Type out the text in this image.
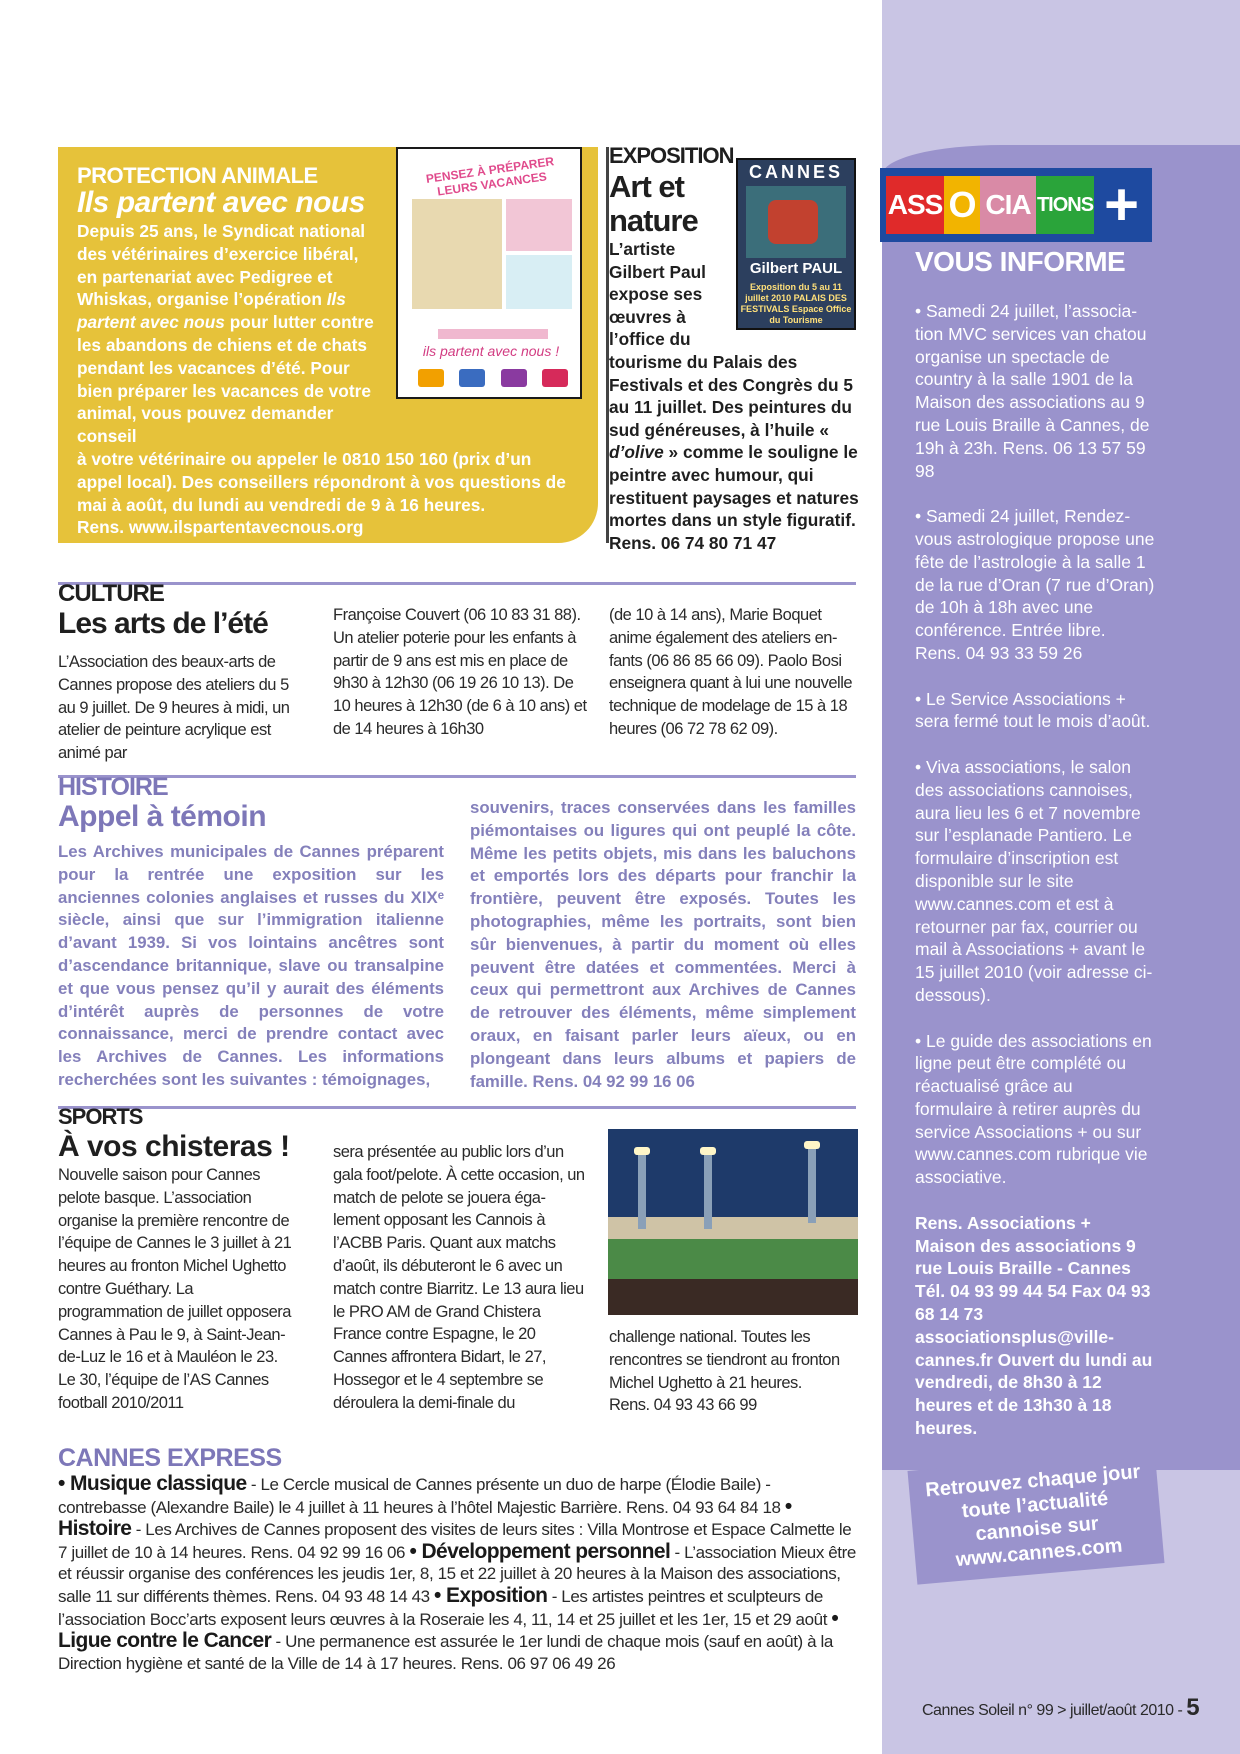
PROTECTION ANIMALE
Ils partent avec nous
Depuis 25 ans, le Syndicat national des vétérinaires d’exercice libéral, en partenariat avec Pedigree et Whiskas, organise l’opération Ils partent avec nous pour lutter contre les abandons de chiens et de chats pendant les vacances d’été. Pour bien préparer les vacances de votre animal, vous pouvez demander conseil
à votre vétérinaire ou appeler le 0810 150 160 (prix d’un appel local). Des conseillers répondront à vos questions de mai à août, du lundi au vendredi de 9 à 16 heures.
Rens. www.ilspartentavecnous.org
PENSEZ À PRÉPARER LEURS VACANCES
ils partent avec nous !
EXPOSITION
Art et nature
L’artiste Gilbert Paul expose ses œuvres à l’office du
tourisme du Palais des Festivals et des Congrès du 5 au 11 juillet. Des peintures du sud généreuses, à l’huile « d’olive » comme le souligne le peintre avec humour, qui restituent paysages et natures mortes dans un style figuratif.
Rens. 06 74 80 71 47
CANNES
Gilbert PAUL
Exposition du 5 au 11 juillet 2010 PALAIS DES FESTIVALS Espace Office du Tourisme
CULTURE
Les arts de l’été
L’Association des beaux-arts de Cannes propose des ateliers du 5 au 9 juillet. De 9 heures à midi, un atelier de peinture acrylique est animé par
Françoise Couvert (06 10 83 31 88). Un atelier poterie pour les enfants à partir de 9 ans est mis en place de 9h30 à 12h30 (06 19 26 10 13). De 10 heures à 12h30 (de 6 à 10 ans) et de 14 heures à 16h30
(de 10 à 14 ans), Marie Boquet anime également des ateliers en-fants (06 86 85 66 09). Paolo Bosi enseignera quant à lui une nouvelle technique de modelage de 15 à 18 heures (06 72 78 62 09).
HISTOIRE
Appel à témoin
Les Archives municipales de Cannes préparent pour la rentrée une exposition sur les anciennes colonies anglaises et russes du XIXᵉ siècle, ainsi que sur l’immigration italienne d’avant 1939. Si vos lointains ancêtres sont d’ascendance britannique, slave ou transalpine et que vous pensez qu’il y aurait des éléments d’intérêt auprès de personnes de votre connaissance, merci de prendre contact avec les Archives de Cannes. Les informations recherchées sont les suivantes : témoignages,
souvenirs, traces conservées dans les familles piémontaises ou ligures qui ont peuplé la côte. Même les petits objets, mis dans les baluchons et emportés lors des départs pour franchir la frontière, peuvent être exposés. Toutes les photographies, même les portraits, sont bien sûr bienvenues, à partir du moment où elles peuvent être datées et commentées. Merci à ceux qui permettront aux Archives de Cannes de retrouver des éléments, même simplement oraux, en faisant parler leurs aïeux, ou en plongeant dans leurs albums et papiers de famille. Rens. 04 92 99 16 06
SPORTS
À vos chisteras !
Nouvelle saison pour Cannes pelote basque. L’association organise la première rencontre de l’équipe de Cannes le 3 juillet à 21 heures au fronton Michel Ughetto contre Guéthary. La programmation de juillet opposera Cannes à Pau le 9, à Saint-Jean-de-Luz le 16 et à Mauléon le 23. Le 30, l’équipe de l’AS Cannes football 2010/2011
sera présentée au public lors d’un gala foot/pelote. À cette occasion, un match de pelote se jouera éga-lement opposant les Cannois à l’ACBB Paris. Quant aux matchs d’août, ils débuteront le 6 avec un match contre Biarritz. Le 13 aura lieu le PRO AM de Grand Chistera France contre Espagne, le 20 Cannes affrontera Bidart, le 27, Hossegor et le 4 septembre se déroulera la demi-finale du
challenge national. Toutes les rencontres se tiendront au fronton Michel Ughetto à 21 heures.
Rens. 04 93 43 66 99
CANNES EXPRESS
• Musique classique - Le Cercle musical de Cannes présente un duo de harpe (Élodie Baile) - contrebasse (Alexandre Baile) le 4 juillet à 11 heures à l’hôtel Majestic Barrière. Rens. 04 93 64 84 18 • Histoire - Les Archives de Cannes proposent des visites de leurs sites : Villa Montrose et Espace Calmette le 7 juillet de 10 à 14 heures. Rens. 04 92 99 16 06 • Développement personnel - L’association Mieux être et réussir organise des conférences les jeudis 1er, 8, 15 et 22 juillet à 20 heures à la Maison des associations, salle 11 sur différents thèmes. Rens. 04 93 48 14 43 • Exposition - Les artistes peintres et sculpteurs de l’association Bocc’arts exposent leurs œuvres à la Roseraie les 4, 11, 14 et 25 juillet et les 1er, 15 et 29 août • Ligue contre le Cancer - Une permanence est assurée le 1er lundi de chaque mois (sauf en août) à la Direction hygiène et santé de la Ville de 14 à 17 heures. Rens. 06 97 06 49 26
ASS O CIA TIONS +
VOUS INFORME

• Samedi 24 juillet, l’associa-tion MVC services van chatou organise un spectacle de country à la salle 1901 de la Maison des associations au 9 rue Louis Braille à Cannes, de 19h à 23h. Rens. 06 13 57 59 98

• Samedi 24 juillet, Rendez-vous astrologique propose une fête de l’astrologie à la salle 1 de la rue d’Oran (7 rue d’Oran) de 10h à 18h avec une conférence. Entrée libre. Rens. 04 93 33 59 26

• Le Service Associations + sera fermé tout le mois d’août.

• Viva associations, le salon des associations cannoises, aura lieu les 6 et 7 novembre sur l’esplanade Pantiero. Le formulaire d’inscription est disponible sur le site www.cannes.com et est à retourner par fax, courrier ou mail à Associations + avant le 15 juillet 2010 (voir adresse ci-dessous).

• Le guide des associations en ligne peut être complété ou réactualisé grâce au formulaire à retirer auprès du service Associations + ou sur www.cannes.com rubrique vie associative.

Rens. Associations + Maison des associations 9 rue Louis Braille - Cannes Tél. 04 93 99 44 54 Fax 04 93 68 14 73 associationsplus@ville-cannes.fr Ouvert du lundi au vendredi, de 8h30 à 12 heures et de 13h30 à 18 heures.

Retrouvez chaque jour toute l’actualité cannoise sur www.cannes.com
Cannes Soleil n° 99 > juillet/août 2010 - 5
